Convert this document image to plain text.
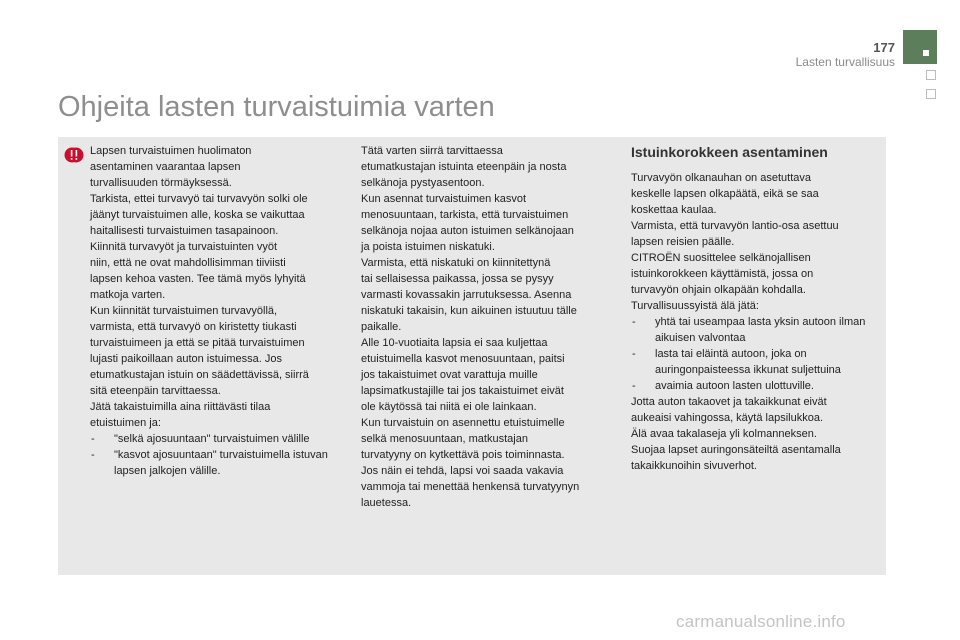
177
Lasten turvallisuus
Ohjeita lasten turvaistuimia varten

Lapsen turvaistuimen huolimaton

asentaminen vaarantaa lapsen

turvallisuuden törmäyksessä.

Tarkista, ettei turvavyö tai turvavyön solki ole

jäänyt turvaistuimen alle, koska se vaikuttaa

haitallisesti turvaistuimen tasapainoon.

Kiinnitä turvavyöt ja turvaistuinten vyöt

niin, että ne ovat mahdollisimman tiiviisti

lapsen kehoa vasten. Tee tämä myös lyhyitä

matkoja varten.

Kun kiinnität turvaistuimen turvavyöllä,

varmista, että turvavyö on kiristetty tiukasti

turvaistuimeen ja että se pitää turvaistuimen

lujasti paikoillaan auton istuimessa. Jos

etumatkustajan istuin on säädettävissä, siirrä

sitä eteenpäin tarvittaessa.

Jätä takaistuimilla aina riittävästi tilaa

etuistuimen ja:

- "selkä ajosuuntaan" turvaistuimen välille
- "kasvot ajosuuntaan" turvaistuimella istuvan lapsen jalkojen välille.

Tätä varten siirrä tarvittaessa

etumatkustajan istuinta eteenpäin ja nosta

selkänoja pystyasentoon.

Kun asennat turvaistuimen kasvot

menosuuntaan, tarkista, että turvaistuimen

selkänoja nojaa auton istuimen selkänojaan

ja poista istuimen niskatuki.

Varmista, että niskatuki on kiinnitettynä

tai sellaisessa paikassa, jossa se pysyy

varmasti kovassakin jarrutuksessa. Asenna

niskatuki takaisin, kun aikuinen istuutuu tälle

paikalle.

Alle 10-vuotiaita lapsia ei saa kuljettaa

etuistuimella kasvot menosuuntaan, paitsi

jos takaistuimet ovat varattuja muille

lapsimatkustajille tai jos takaistuimet eivät

ole käytössä tai niitä ei ole lainkaan.

Kun turvaistuin on asennettu etuistuimelle

selkä menosuuntaan, matkustajan

turvatyyny on kytkettävä pois toiminnasta.

Jos näin ei tehdä, lapsi voi saada vakavia

vammoja tai menettää henkensä turvatyynyn

lauetessa.

Istuinkorokkeen asentaminen

Turvavyön olkanauhan on asetuttava

keskelle lapsen olkapäätä, eikä se saa

koskettaa kaulaa.

Varmista, että turvavyön lantio-osa asettuu

lapsen reisien päälle.

CITROËN suosittelee selkänojallisen

istuinkorokkeen käyttämistä, jossa on

turvavyön ohjain olkapään kohdalla.

Turvallisuussyistä älä jätä:

- yhtä tai useampaa lasta yksin autoon ilman aikuisen valvontaa
- lasta tai eläintä autoon, joka on auringonpaisteessa ikkunat suljettuina
- avaimia autoon lasten ulottuville.

Jotta auton takaovet ja takaikkunat eivät

aukeaisi vahingossa, käytä lapsilukkoa.

Älä avaa takalaseja yli kolmanneksen.

Suojaa lapset auringonsäteiltä asentamalla

takaikkunoihin sivuverhot.

carmanualsonline.info
